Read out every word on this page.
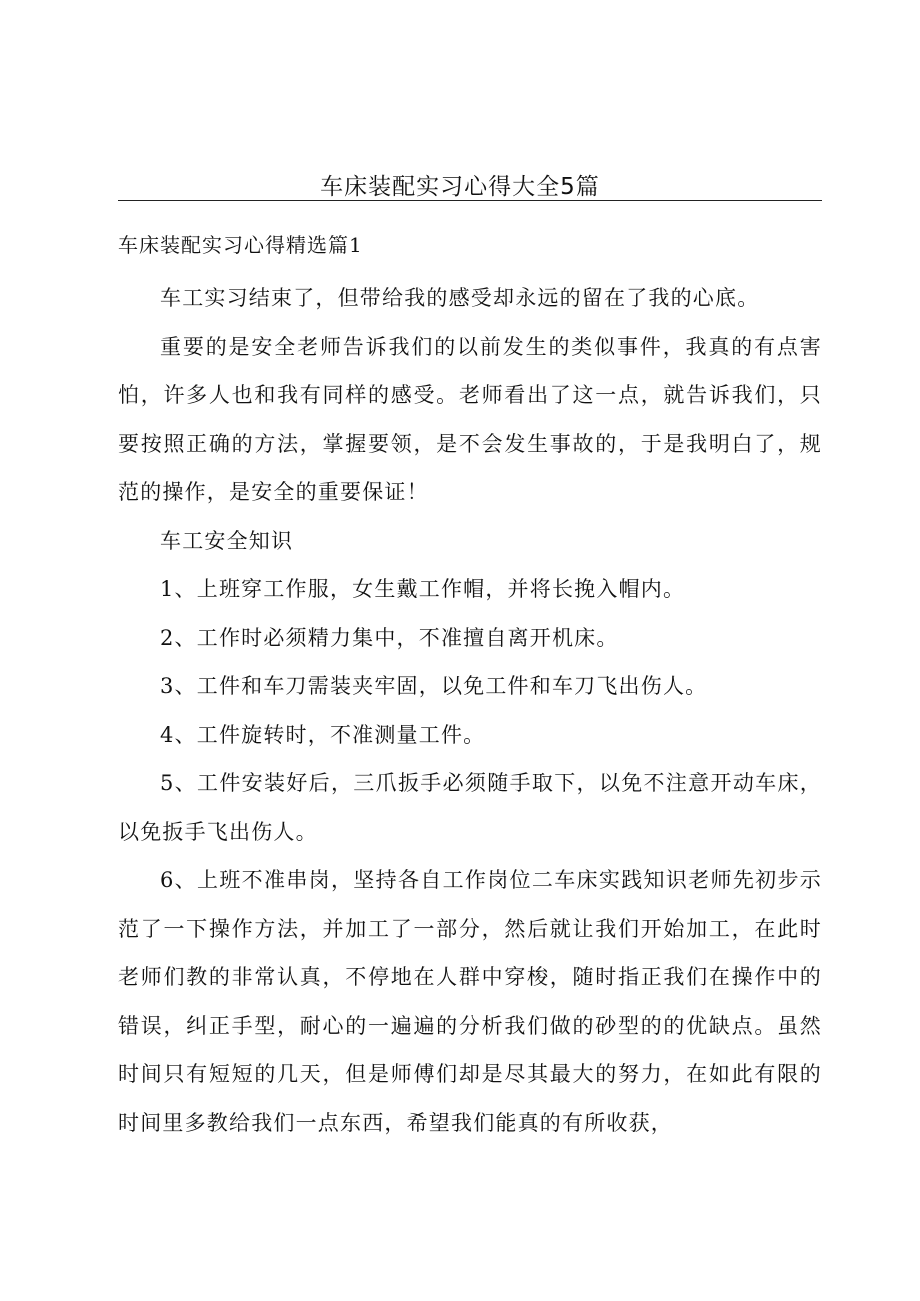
车床装配实习心得大全5篇
车床装配实习心得精选篇1

车工实习结束了，但带给我的感受却永远的留在了我的心底。

重要的是安全老师告诉我们的以前发生的类似事件，我真的有点害怕，许多人也和我有同样的感受。老师看出了这一点，就告诉我们，只要按照正确的方法，掌握要领，是不会发生事故的，于是我明白了，规范的操作，是安全的重要保证！

车工安全知识

1、上班穿工作服，女生戴工作帽，并将长挽入帽内。

2、工作时必须精力集中，不准擅自离开机床。

3、工件和车刀需装夹牢固，以免工件和车刀飞出伤人。

4、工件旋转时，不准测量工件。

5、工件安装好后，三爪扳手必须随手取下，以免不注意开动车床，以免扳手飞出伤人。

6、上班不准串岗，坚持各自工作岗位二车床实践知识老师先初步示范了一下操作方法，并加工了一部分，然后就让我们开始加工，在此时老师们教的非常认真，不停地在人群中穿梭，随时指正我们在操作中的错误，纠正手型，耐心的一遍遍的分析我们做的砂型的的优缺点。虽然时间只有短短的几天，但是师傅们却是尽其最大的努力，在如此有限的时间里多教给我们一点东西，希望我们能真的有所收获，
